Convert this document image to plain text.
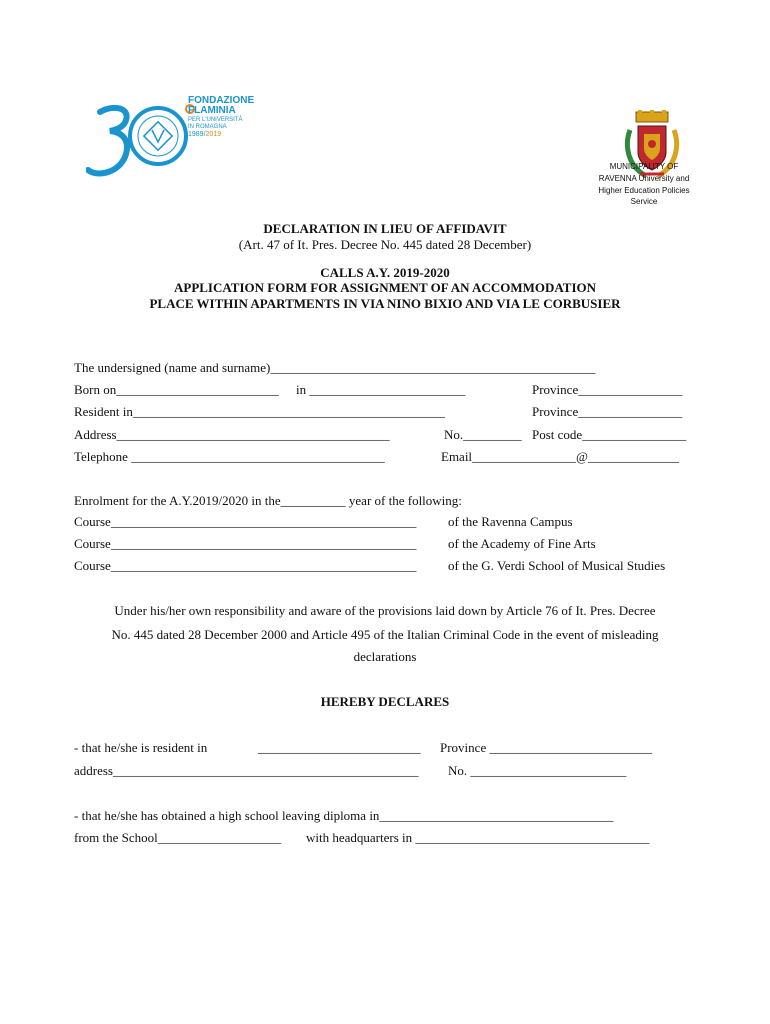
FONDAZIONE
FLAMINIA
PER L'UNIVERSITÀ
IN ROMAGNA
1989/2019

MUNICIPALITY OF
RAVENNA University and
Higher Education Policies
Service
DECLARATION IN LIEU OF AFFIDAVIT
(Art. 47 of It. Pres. Decree No. 445 dated 28 December)
CALLS A.Y. 2019-2020
APPLICATION FORM FOR ASSIGNMENT OF AN ACCOMMODATION
PLACE WITHIN APARTMENTS IN VIA NINO BIXIO AND VIA LE CORBUSIER
The undersigned (name and surname)__________________________________________________
Born on_________________________ in ________________________	Province________________
Resident in________________________________________________	Province________________
Address__________________________________________	No._________ Post code________________
Telephone _______________________________________	Email________________@______________
Enrolment for the A.Y.2019/2020 in the__________ year of the following:
Course_______________________________________________ of the Ravenna Campus
Course_______________________________________________ of the Academy of Fine Arts
Course_______________________________________________ of the G. Verdi School of Musical Studies
Under his/her own responsibility and aware of the provisions laid down by Article 76 of It. Pres. Decree
No. 445 dated 28 December 2000 and Article 495 of the Italian Criminal Code in the event of misleading
declarations
HEREBY DECLARES
- that he/she is resident in	_________________________ Province _________________________
address_______________________________________________ No. ________________________
- that he/she has obtained a high school leaving diploma in____________________________________
from the School___________________ with headquarters in ____________________________________
